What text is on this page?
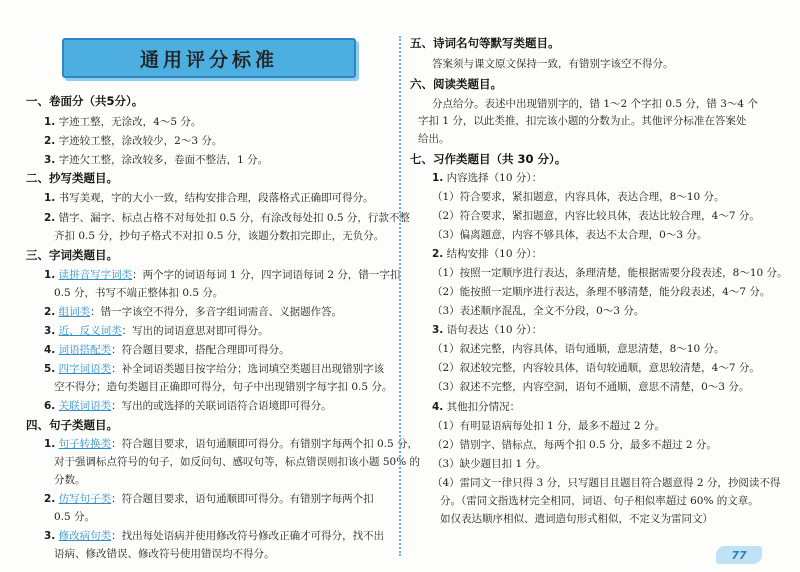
通用评分标准
一、卷面分（共5分）。
1. 字迹工整，无涂改，4～5 分。
2. 字迹较工整，涂改较少，2～3 分。
3. 字迹欠工整，涂改较多，卷面不整洁，1 分。
二、抄写类题目。
1. 书写美观，字的大小一致，结构安排合理，段落格式正确即可得分。
2. 错字、漏字、标点占格不对每处扣 0.5 分，有涂改每处扣 0.5 分，行款不整
齐扣 0.5 分，抄句子格式不对扣 0.5 分，该题分数扣完即止，无负分。
三、字词类题目。
1. 读拼音写字词类：两个字的词语每词 1 分，四字词语每词 2 分，错一字扣
0.5 分，书写不端正整体扣 0.5 分。
2. 组词类：错一字该空不得分，多音字组词需音、义据题作答。
3. 近、反义词类：写出的词语意思对即可得分。
4. 词语搭配类：符合题目要求，搭配合理即可得分。
5. 四字词语类：补全词语类题目按字给分；选词填空类题目出现错别字该
空不得分；造句类题目正确即可得分，句子中出现错别字每字扣 0.5 分。
6. 关联词语类：写出的或选择的关联词语符合语境即可得分。
四、句子类题目。
1. 句子转换类：符合题目要求，语句通顺即可得分。有错别字每两个扣 0.5 分，
对于强调标点符号的句子，如反问句、感叹句等，标点错误则扣该小题 50% 的
分数。
2. 仿写句子类：符合题目要求，语句通顺即可得分。有错别字每两个扣
0.5 分。
3. 修改病句类：找出每处语病并使用修改符号修改正确才可得分，找不出
语病、修改错误、修改符号使用错误均不得分。
五、诗词名句等默写类题目。
答案须与课文原文保持一致，有错别字该空不得分。
六、阅读类题目。
分点给分。表述中出现错别字的，错 1～2 个字扣 0.5 分，错 3～4 个
字扣 1 分，以此类推，扣完该小题的分数为止。其他评分标准在答案处
给出。
七、习作类题目（共 30 分）。
1. 内容选择（10 分）：
（1）符合要求，紧扣题意，内容具体，表达合理，8～10 分。
（2）符合要求，紧扣题意，内容比较具体，表达比较合理，4～7 分。
（3）偏离题意，内容不够具体，表达不太合理，0～3 分。
2. 结构安排（10 分）：
（1）按照一定顺序进行表达，条理清楚，能根据需要分段表述，8～10 分。
（2）能按照一定顺序进行表达，条理不够清楚，能分段表述，4～7 分。
（3）表述顺序混乱，全文不分段，0～3 分。
3. 语句表达（10 分）：
（1）叙述完整，内容具体，语句通顺，意思清楚，8～10 分。
（2）叙述较完整，内容较具体，语句较通顺，意思较清楚，4～7 分。
（3）叙述不完整，内容空洞，语句不通顺，意思不清楚，0～3 分。
4. 其他扣分情况：
（1）有明显语病每处扣 1 分，最多不超过 2 分。
（2）错别字、错标点，每两个扣 0.5 分，最多不超过 2 分。
（3）缺少题目扣 1 分。
（4）雷同文一律只得 3 分，只写题目且题目符合题意得 2 分，抄阅读不得
分。（雷同文指选材完全相同，词语、句子相似率超过 60% 的文章。
如仅表达顺序相似、遣词造句形式相似，不定义为雷同文）
77
